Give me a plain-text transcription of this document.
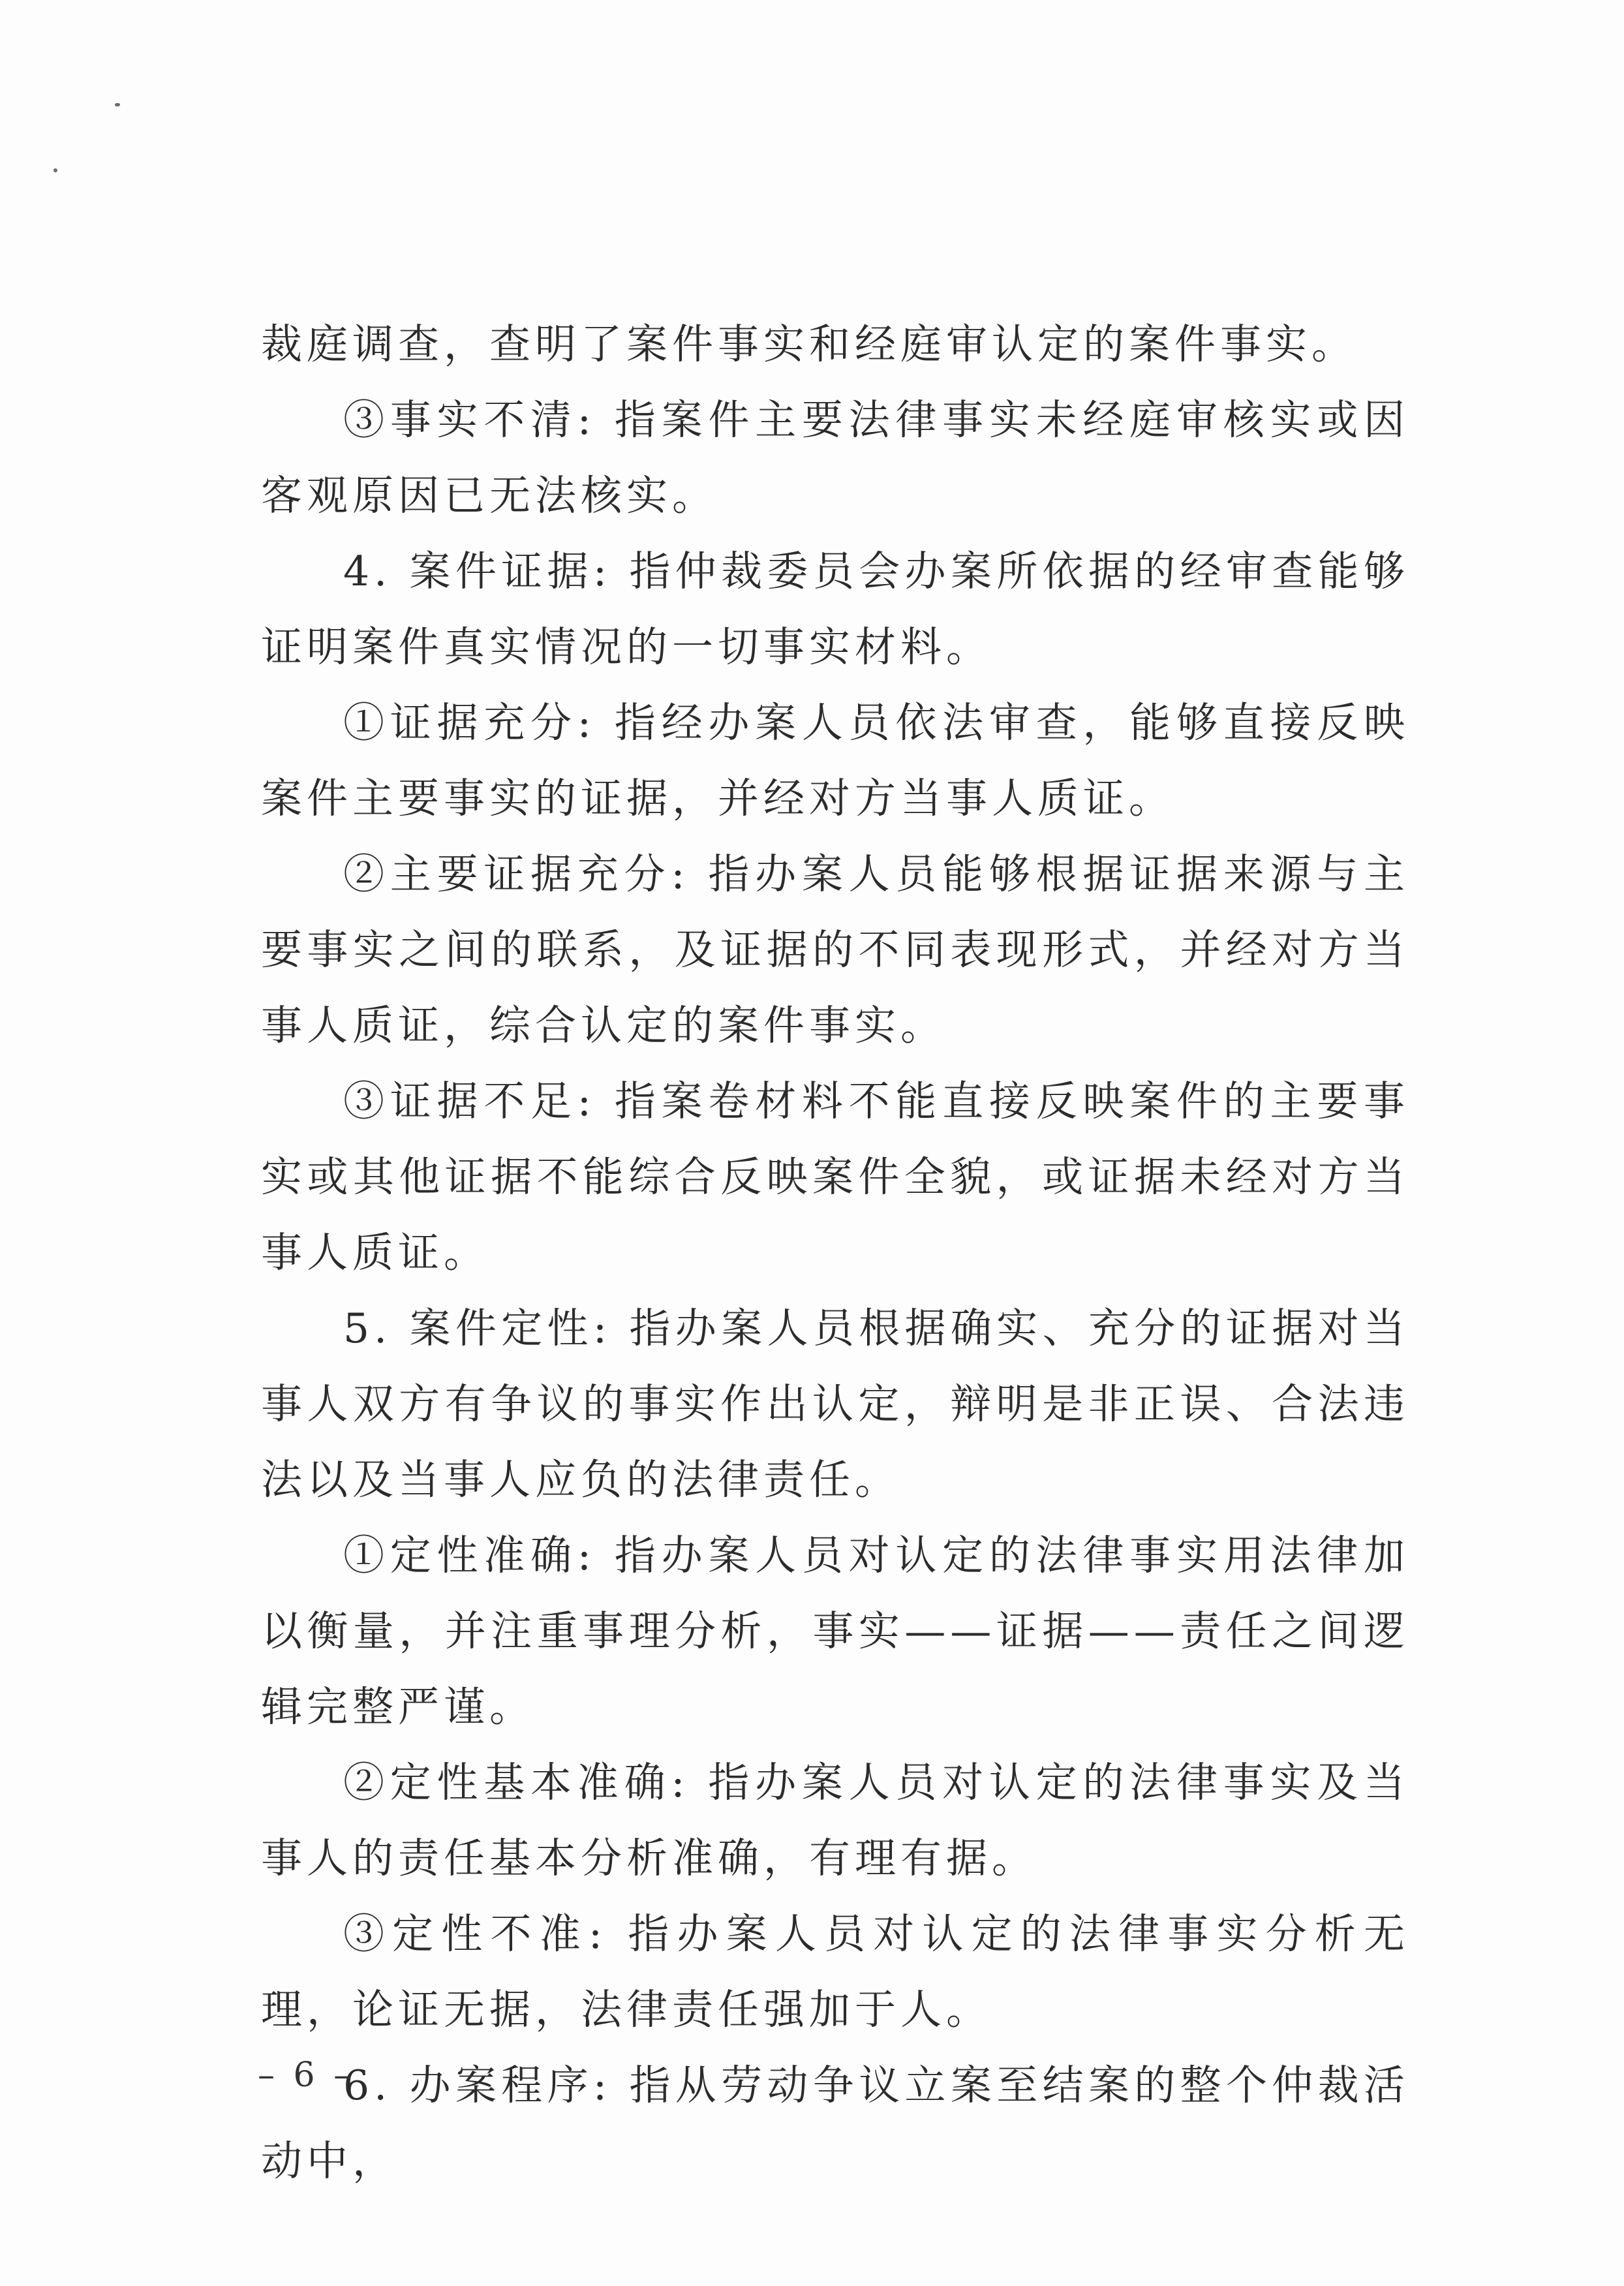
裁庭调查，查明了案件事实和经庭审认定的案件事实。

③事实不清: 指案件主要法律事实未经庭审核实或因客观原因已无法核实。

4. 案件证据: 指仲裁委员会办案所依据的经审查能够证明案件真实情况的一切事实材料。

①证据充分: 指经办案人员依法审查，能够直接反映案件主要事实的证据，并经对方当事人质证。

②主要证据充分: 指办案人员能够根据证据来源与主要事实之间的联系，及证据的不同表现形式，并经对方当事人质证，综合认定的案件事实。

③证据不足: 指案卷材料不能直接反映案件的主要事实或其他证据不能综合反映案件全貌，或证据未经对方当事人质证。

5. 案件定性: 指办案人员根据确实、充分的证据对当事人双方有争议的事实作出认定，辩明是非正误、合法违法以及当事人应负的法律责任。

①定性准确: 指办案人员对认定的法律事实用法律加以衡量，并注重事理分析，事实——证据——责任之间逻辑完整严谨。

②定性基本准确: 指办案人员对认定的法律事实及当事人的责任基本分析准确，有理有据。

③定性不准: 指办案人员对认定的法律事实分析无理，论证无据，法律责任强加于人。

6. 办案程序: 指从劳动争议立案至结案的整个仲裁活动中，

– 6 –
